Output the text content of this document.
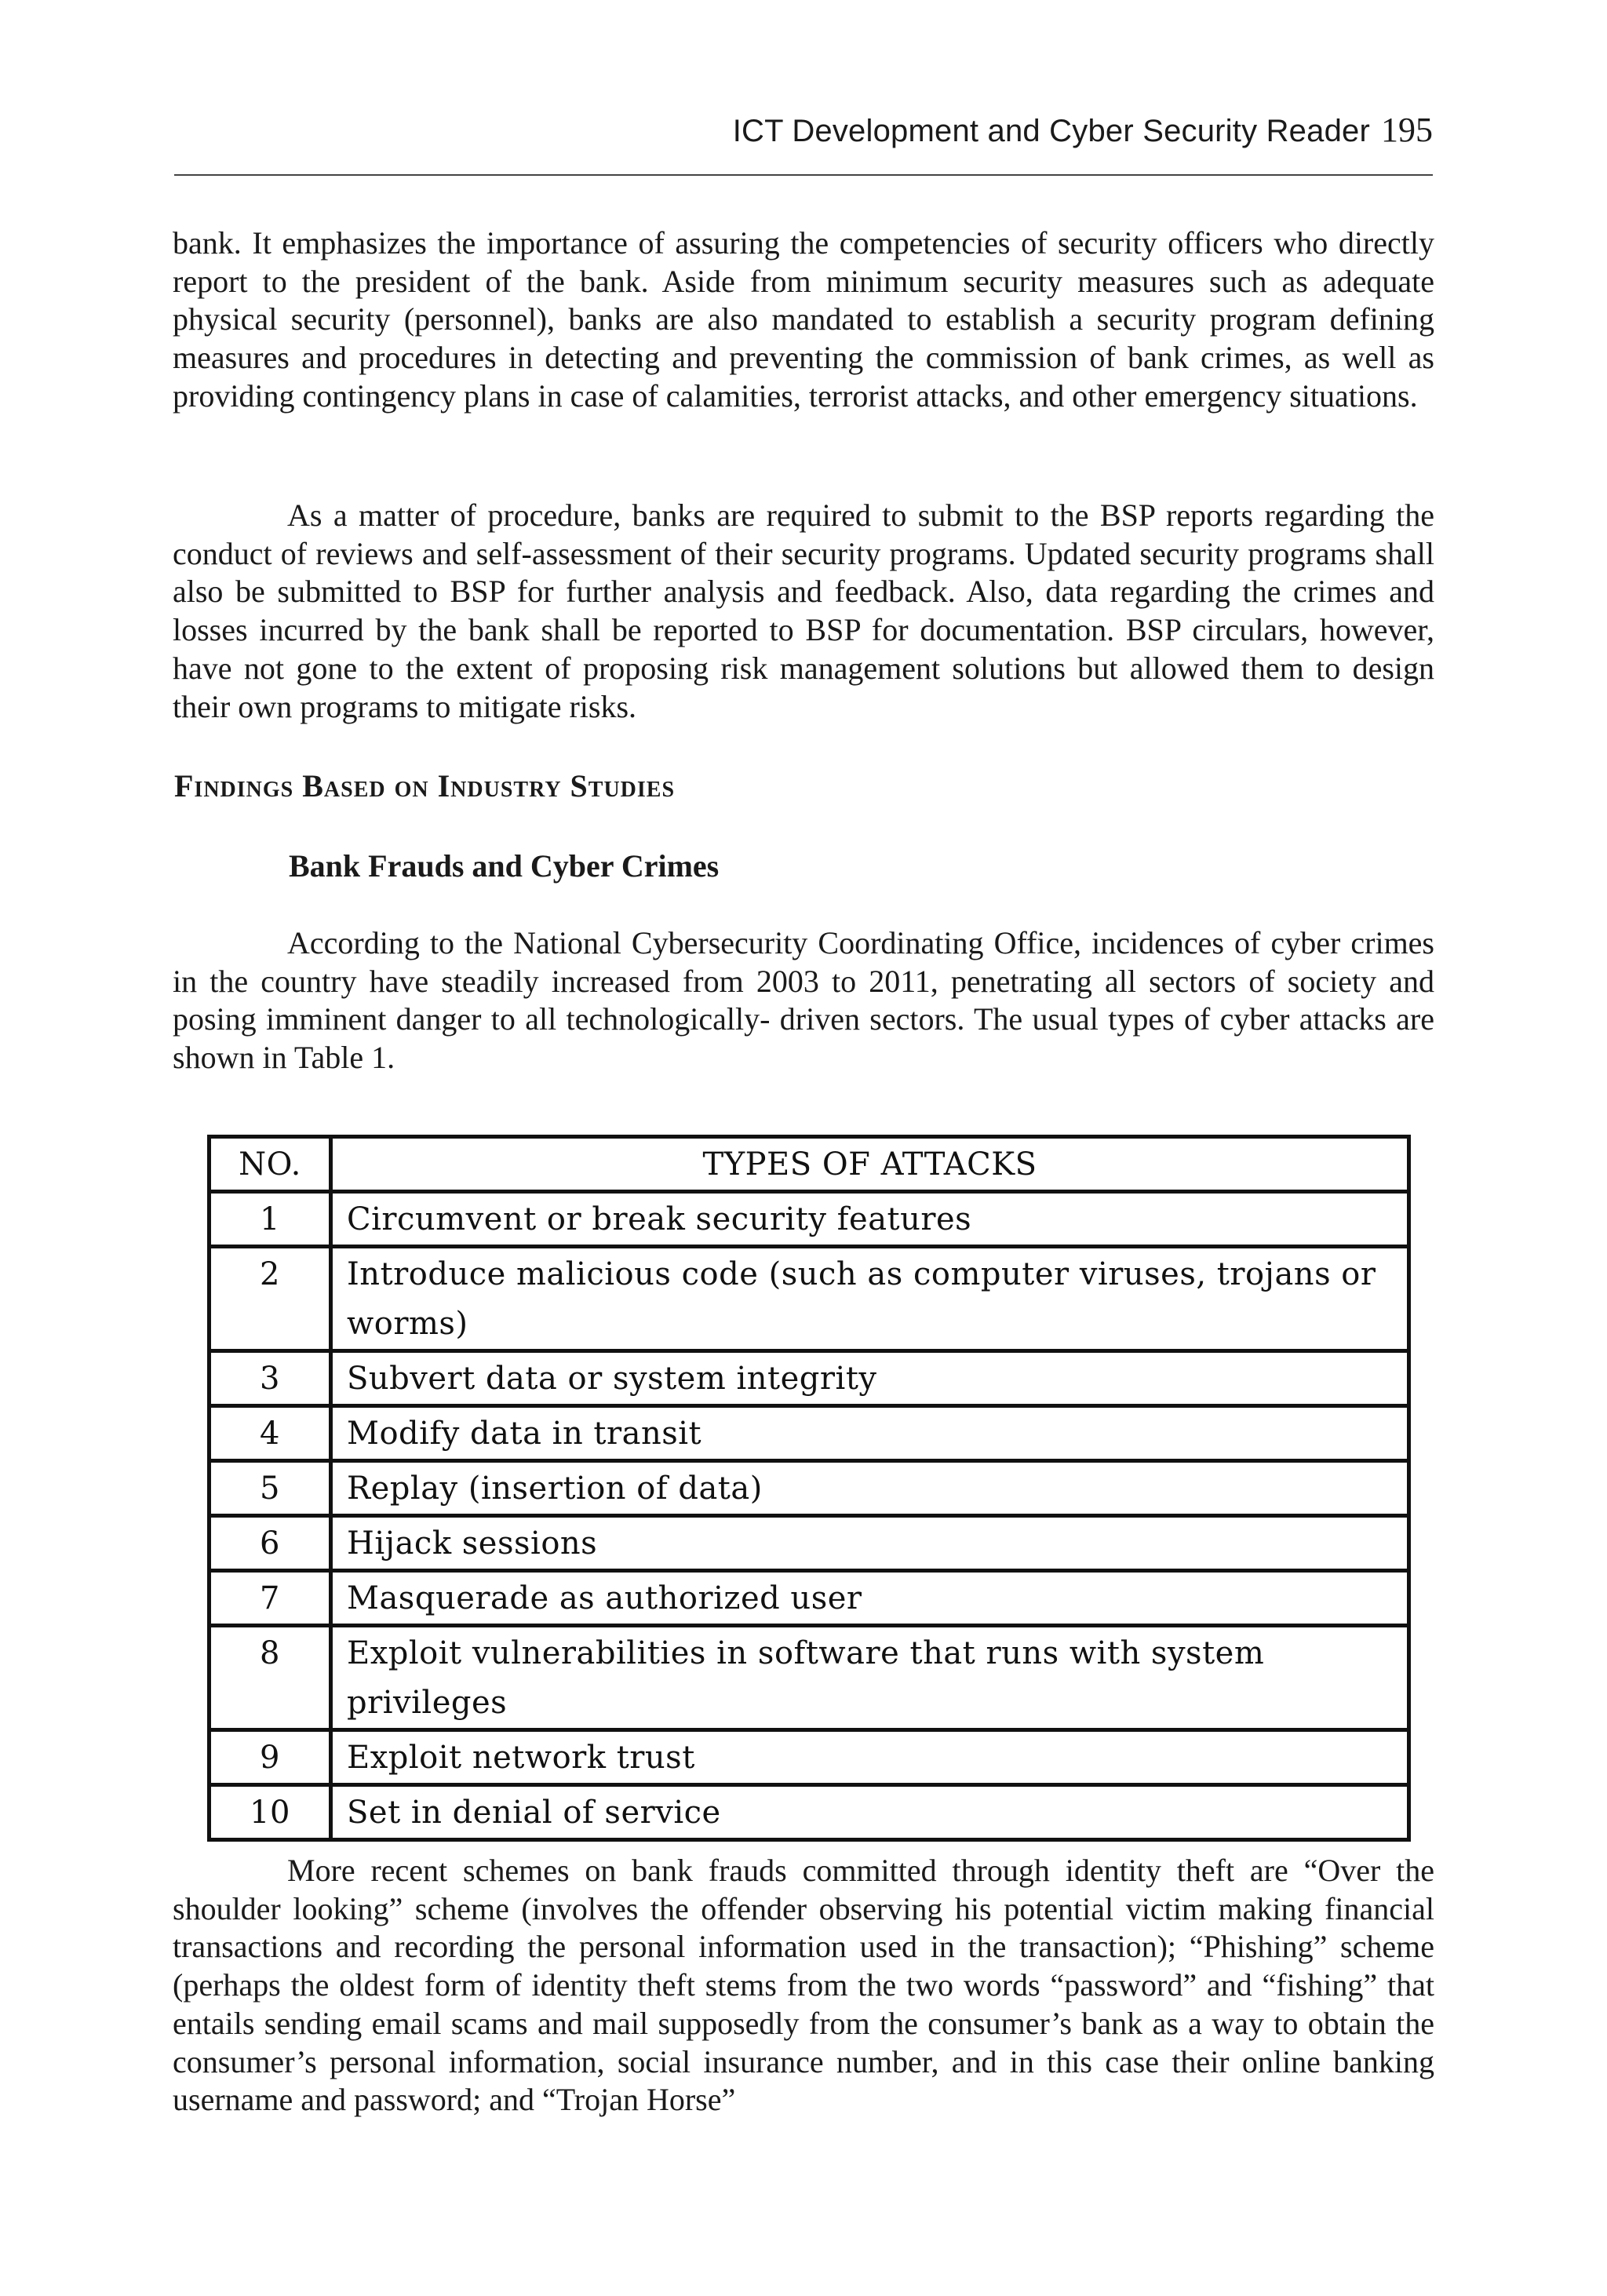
ICT Development and Cyber Security Reader 195

bank. It emphasizes the importance of assuring the competencies of security officers who directly report to the president of the bank. Aside from minimum security measures such as adequate physical security (personnel), banks are also mandated to establish a security program defining measures and procedures in detecting and preventing the commission of bank crimes, as well as providing contingency plans in case of calamities, terrorist attacks, and other emergency situations.

As a matter of procedure, banks are required to submit to the BSP reports regarding the conduct of reviews and self-assessment of their security programs. Updated security programs shall also be submitted to BSP for further analysis and feedback. Also, data regarding the crimes and losses incurred by the bank shall be reported to BSP for documentation. BSP circulars, however, have not gone to the extent of proposing risk management solutions but allowed them to design their own programs to mitigate risks.

Findings Based on Industry Studies
Bank Frauds and Cyber Crimes

According to the National Cybersecurity Coordinating Office, incidences of cyber crimes in the country have steadily increased from 2003 to 2011, penetrating all sectors of society and posing imminent danger to all technologically- driven sectors. The usual types of cyber attacks are shown in Table 1.

NO.	TYPES OF ATTACKS
1	Circumvent or break security features
2	Introduce malicious code (such as computer viruses, trojans or worms)
3	Subvert data or system integrity
4	Modify data in transit
5	Replay (insertion of data)
6	Hijack sessions
7	Masquerade as authorized user
8	Exploit vulnerabilities in software that runs with system privileges
9	Exploit network trust
10	Set in denial of service

More recent schemes on bank frauds committed through identity theft are “Over the shoulder looking” scheme (involves the offender observing his potential victim making financial transactions and recording the personal information used in the transaction); “Phishing” scheme (perhaps the oldest form of identity theft stems from the two words “password” and “fishing” that entails sending email scams and mail supposedly from the consumer’s bank as a way to obtain the consumer’s personal information, social insurance number, and in this case their online banking username and password; and “Trojan Horse”
